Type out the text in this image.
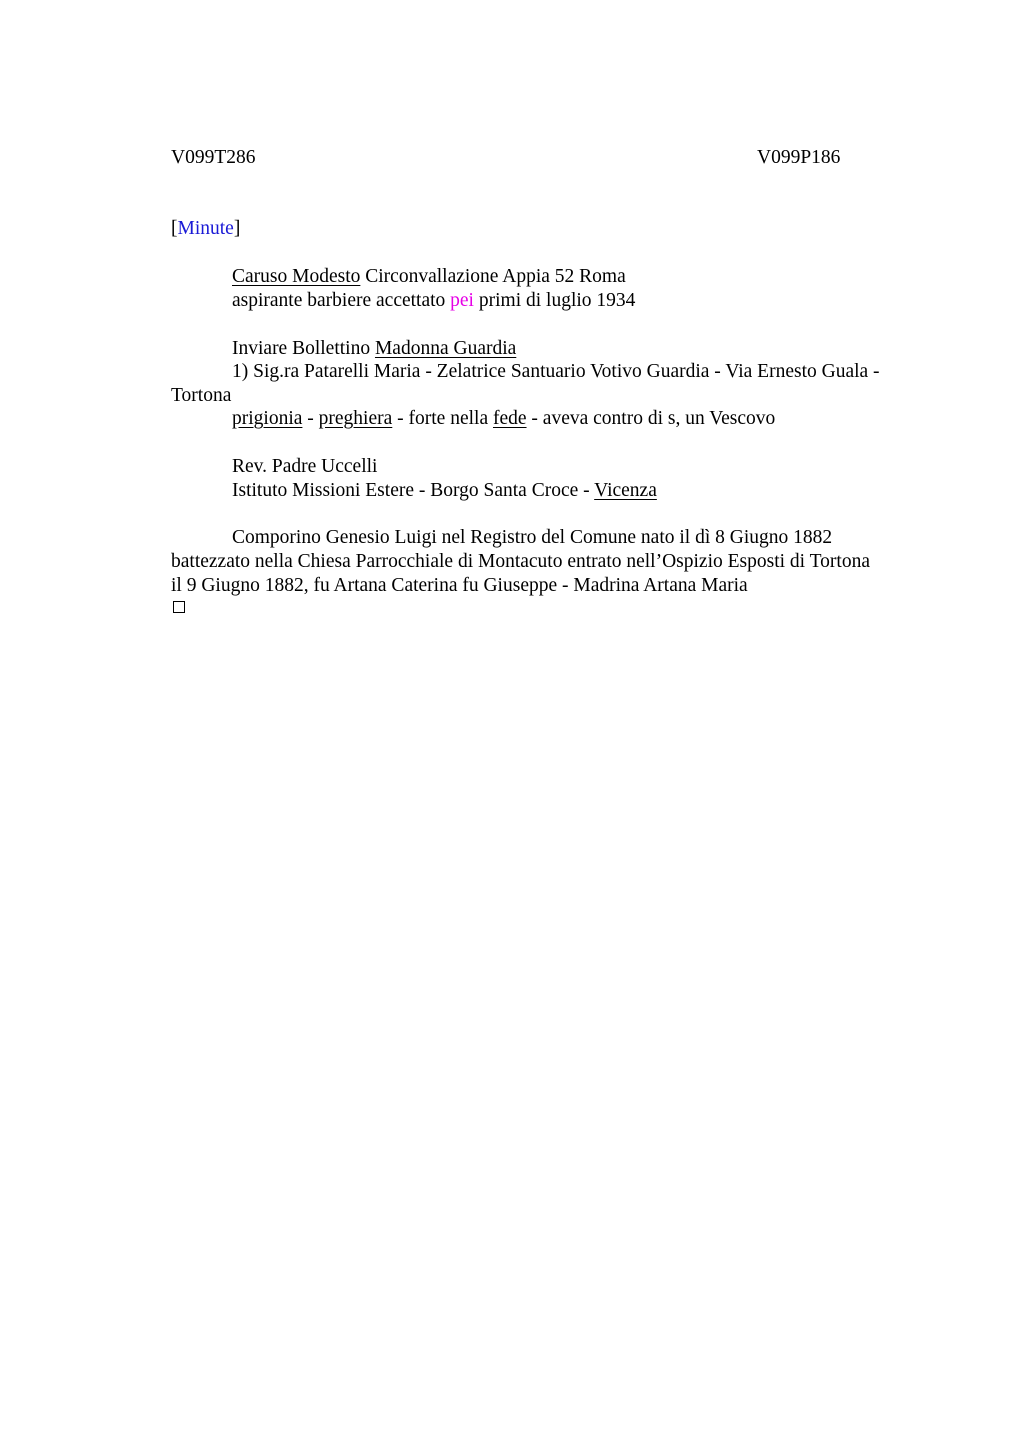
V099T286	V099P186
[Minute]
Caruso Modesto Circonvallazione Appia 52 Roma
aspirante barbiere accettato pei primi di luglio 1934
Inviare Bollettino Madonna Guardia
1) Sig.ra Patarelli Maria - Zelatrice Santuario Votivo Guardia - Via Ernesto Guala -
Tortona
prigionia - preghiera - forte nella fede - aveva contro di s, un Vescovo
Rev. Padre Uccelli
Istituto Missioni Estere - Borgo Santa Croce - Vicenza
Comporino Genesio Luigi nel Registro del Comune nato il dì 8 Giugno 1882
battezzato nella Chiesa Parrocchiale di Montacuto entrato nell’Ospizio Esposti di Tortona
il 9 Giugno 1882, fu Artana Caterina fu Giuseppe - Madrina Artana Maria
